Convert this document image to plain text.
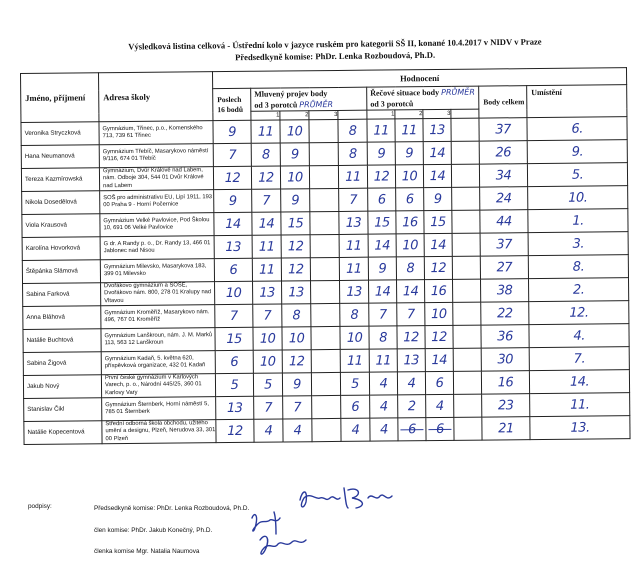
Výsledková listina celková - Ústřední kolo v jazyce ruském pro kategorii SŠ II, konané 10.4.2017 v NIDV v Praze
Předsedkyně komise: PhDr. Lenka Rozboudová, Ph.D.
Jméno, příjmení	Adresa školy	Hodnocení										
		Poslech 16 bodů	Mluvený projev body
od 3 porotců PRŮMĚR				Řečové situace body PRŮMĚR
od 3 porotců				Body celkem	Umístění
			1	2	3		1	2	3			
Veronika Stryczková	Gymnázium, Třinec, p.o., Komenského 713, 739 61 Třinec	9	11	10		8	11	11	13		37	6.
Hana Neumanová	Gymnázium Třebíč, Masarykovo náměstí 9/116, 674 01 Třebíč	7	8	9		8	9	9	14		26	9.
Tereza Kazmírowská	Gymnázium, Dvůr Králové nad Labem, nám. Odboje 304, 544 01 Dvůr Králové nad Labem	12	12	10		11	12	10	14		34	5.
Nikola Dosedělová	SOŠ pro administrativu EU, Lipí 1911, 193 00 Praha 9 - Horní Počernice	9	7	9		7	6	6	9		24	10.
Viola Krausová	Gymnázium Velké Pavlovice, Pod Školou 10, 691 06 Velké Pavlovice	14	14	15		13	15	16	15		44	1.
Karolína Hovorková	G dr. A Randy p. o., Dr. Randy 13, 466 01 Jablonec nad Nisou	13	11	12		11	14	10	14		37	3.
Štěpánka Slámová	Gymnázium Milevsko, Masarykova 183, 399 01 Milevsko	6	11	12		11	9	8	12		27	8.
Sabina Farková	Dvořákovo gymnázium a SOŠE, Dvořákovo nám. 800, 278 01 Kralupy nad Vltavou	10	13	13		13	14	14	16		38	2.
Anna Bláhová	Gymnázium Kroměříž, Masarykovo nám. 496, 767 01 Kroměříž	7	7	8		8	7	7	10		22	12.
Natálie Buchtová	Gymnázium Lanškroun, nám. J. M. Marků 113, 563 12 Lanškroun	15	10	10		10	8	12	12		36	4.
Sabina Žigová	Gymnázium Kadaň, 5. května 620, příspěvková organizace, 432 01 Kadaň	6	10	12		11	11	13	14		30	7.
Jakub Nový	První české gymnázium v Karlových Varech, p. o., Národní 445/25, 360 01 Karlovy Vary	5	5	9		5	4	4	6		16	14.
Stanislav Čikl	Gymnázium Šternberk, Horní náměstí 5, 785 01 Šternberk	13	7	7		6	4	2	4		23	11.
Natálie Kopecentová	Střední odborná škola obchodu, užitého umění a designu, Plzeň, Nerudova 33, 301 00 Plzeň	12	4	4		4	4	6	6		21	13.
podpisy:	Předsedkyně komise: PhDr. Lenka Rozboudová, Ph.D.
člen komise: PhDr. Jakub Konečný, Ph.D.
členka komise Mgr. Natalia Naumova
